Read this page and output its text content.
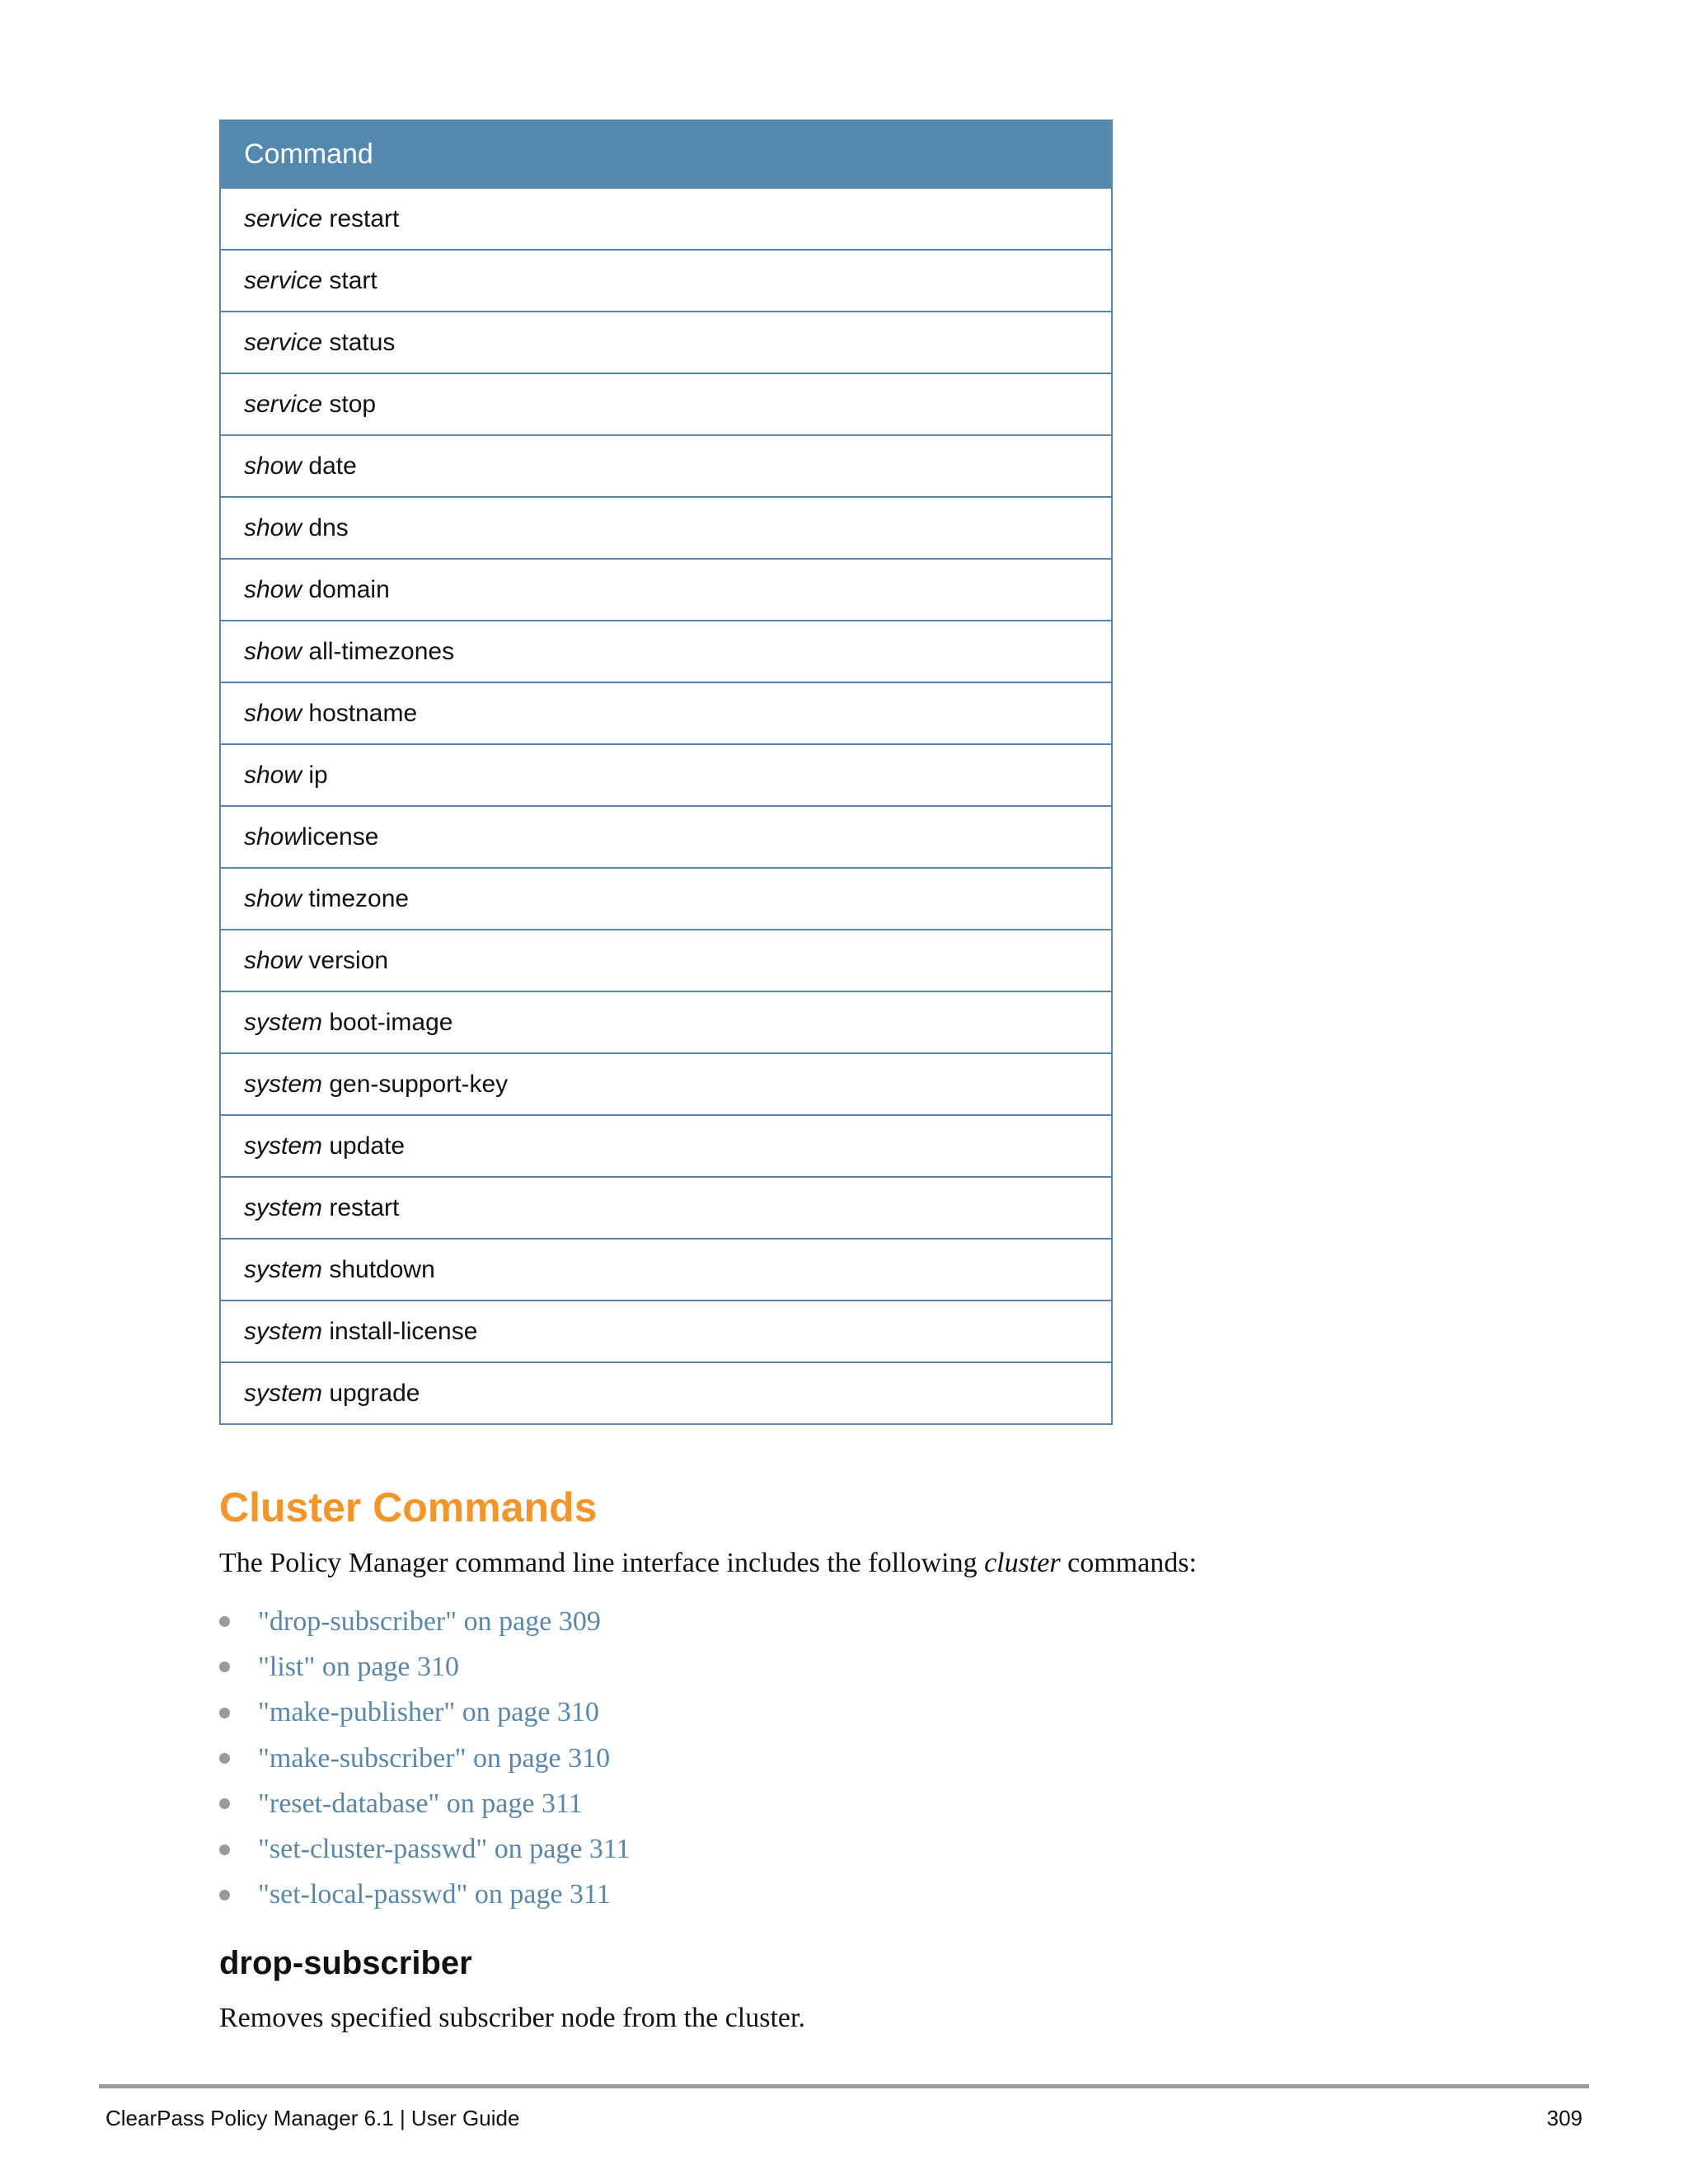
Command
service restart
service start
service status
service stop
show date
show dns
show domain
show all-timezones
show hostname
show ip
showlicense
show timezone
show version
system boot-image
system gen-support-key
system update
system restart
system shutdown
system install-license
system upgrade
Cluster Commands

The Policy Manager command line interface includes the following cluster commands:

"drop-subscriber" on page 309
"list" on page 310
"make-publisher" on page 310
"make-subscriber" on page 310
"reset-database" on page 311
"set-cluster-passwd" on page 311
"set-local-passwd" on page 311
drop-subscriber

Removes specified subscriber node from the cluster.

ClearPass Policy Manager 6.1 | User Guide	309
